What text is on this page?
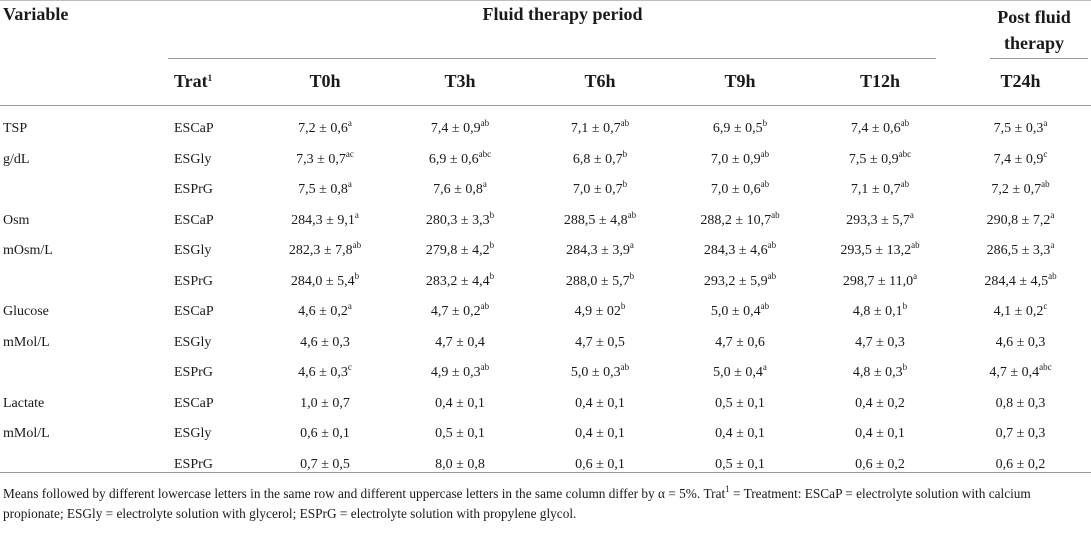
Variable	Fluid therapy period	Post fluid
therapy
	Trat$^1$	T0h	T3h	T6h	T9h	T12h	T24h
TSP	ESCaP	7,2 ± 0,6$^a$	7,4 ± 0,9$^{ab}$	7,1 ± 0,7$^{ab}$	6,9 ± 0,5$^b$	7,4 ± 0,6$^{ab}$	7,5 ± 0,3$^a$
g/dL	ESGly	7,3 ± 0,7$^{ac}$	6,9 ± 0,6$^{abc}$	6,8 ± 0,7$^b$	7,0 ± 0,9$^{ab}$	7,5 ± 0,9$^{abc}$	7,4 ± 0,9$^c$
	ESPrG	7,5 ± 0,8$^a$	7,6 ± 0,8$^a$	7,0 ± 0,7$^b$	7,0 ± 0,6$^{ab}$	7,1 ± 0,7$^{ab}$	7,2 ± 0,7$^{ab}$
Osm	ESCaP	284,3 ± 9,1$^a$	280,3 ± 3,3$^b$	288,5 ± 4,8$^{ab}$	288,2 ± 10,7$^{ab}$	293,3 ± 5,7$^a$	290,8 ± 7,2$^a$
mOsm/L	ESGly	282,3 ± 7,8$^{ab}$	279,8 ± 4,2$^b$	284,3 ± 3,9$^a$	284,3 ± 4,6$^{ab}$	293,5 ± 13,2$^{ab}$	286,5 ± 3,3$^a$
	ESPrG	284,0 ± 5,4$^b$	283,2 ± 4,4$^b$	288,0 ± 5,7$^b$	293,2 ± 5,9$^{ab}$	298,7 ± 11,0$^a$	284,4 ± 4,5$^{ab}$
Glucose	ESCaP	4,6 ± 0,2$^a$	4,7 ± 0,2$^{ab}$	$4,9 \pm 02^b$	5,0 ± 0,4$^{ab}$	4,8 ± 0,1$^b$	4,1 ± 0,2$^c$
mMol/L	ESGly	4,6 ± 0,3	4,7 ± 0,4	4,7 ± 0,5	4,7 ± 0,6	4,7 ± 0,3	4,6 ± 0,3
	ESPrG	4,6 ± 0,3$^c$	4,9 ± 0,3$^{ab}$	5,0 ± 0,3$^{ab}$	5,0 ± 0,4$^a$	4,8 ± 0,3$^b$	4,7 ± 0,4$^{abc}$
Lactate	ESCaP	1,0 ± 0,7	0,4 ± 0,1	0,4 ± 0,1	0,5 ± 0,1	0,4 ± 0,2	0,8 ± 0,3
mMol/L	ESGly	0,6 ± 0,1	0,5 ± 0,1	0,4 ± 0,1	0,4 ± 0,1	0,4 ± 0,1	0,7 ± 0,3
	ESPrG	0,7 ± 0,5	8,0 ± 0,8	0,6 ± 0,1	0,5 ± 0,1	0,6 ± 0,2	0,6 ± 0,2
Means followed by different lowercase letters in the same row and different uppercase letters in the same column differ by α = 5%. Trat$^1$ = Treatment: ESCaP = electrolyte solution with calcium propionate; ESGly = electrolyte solution with glycerol; ESPrG = electrolyte solution with propylene glycol.
